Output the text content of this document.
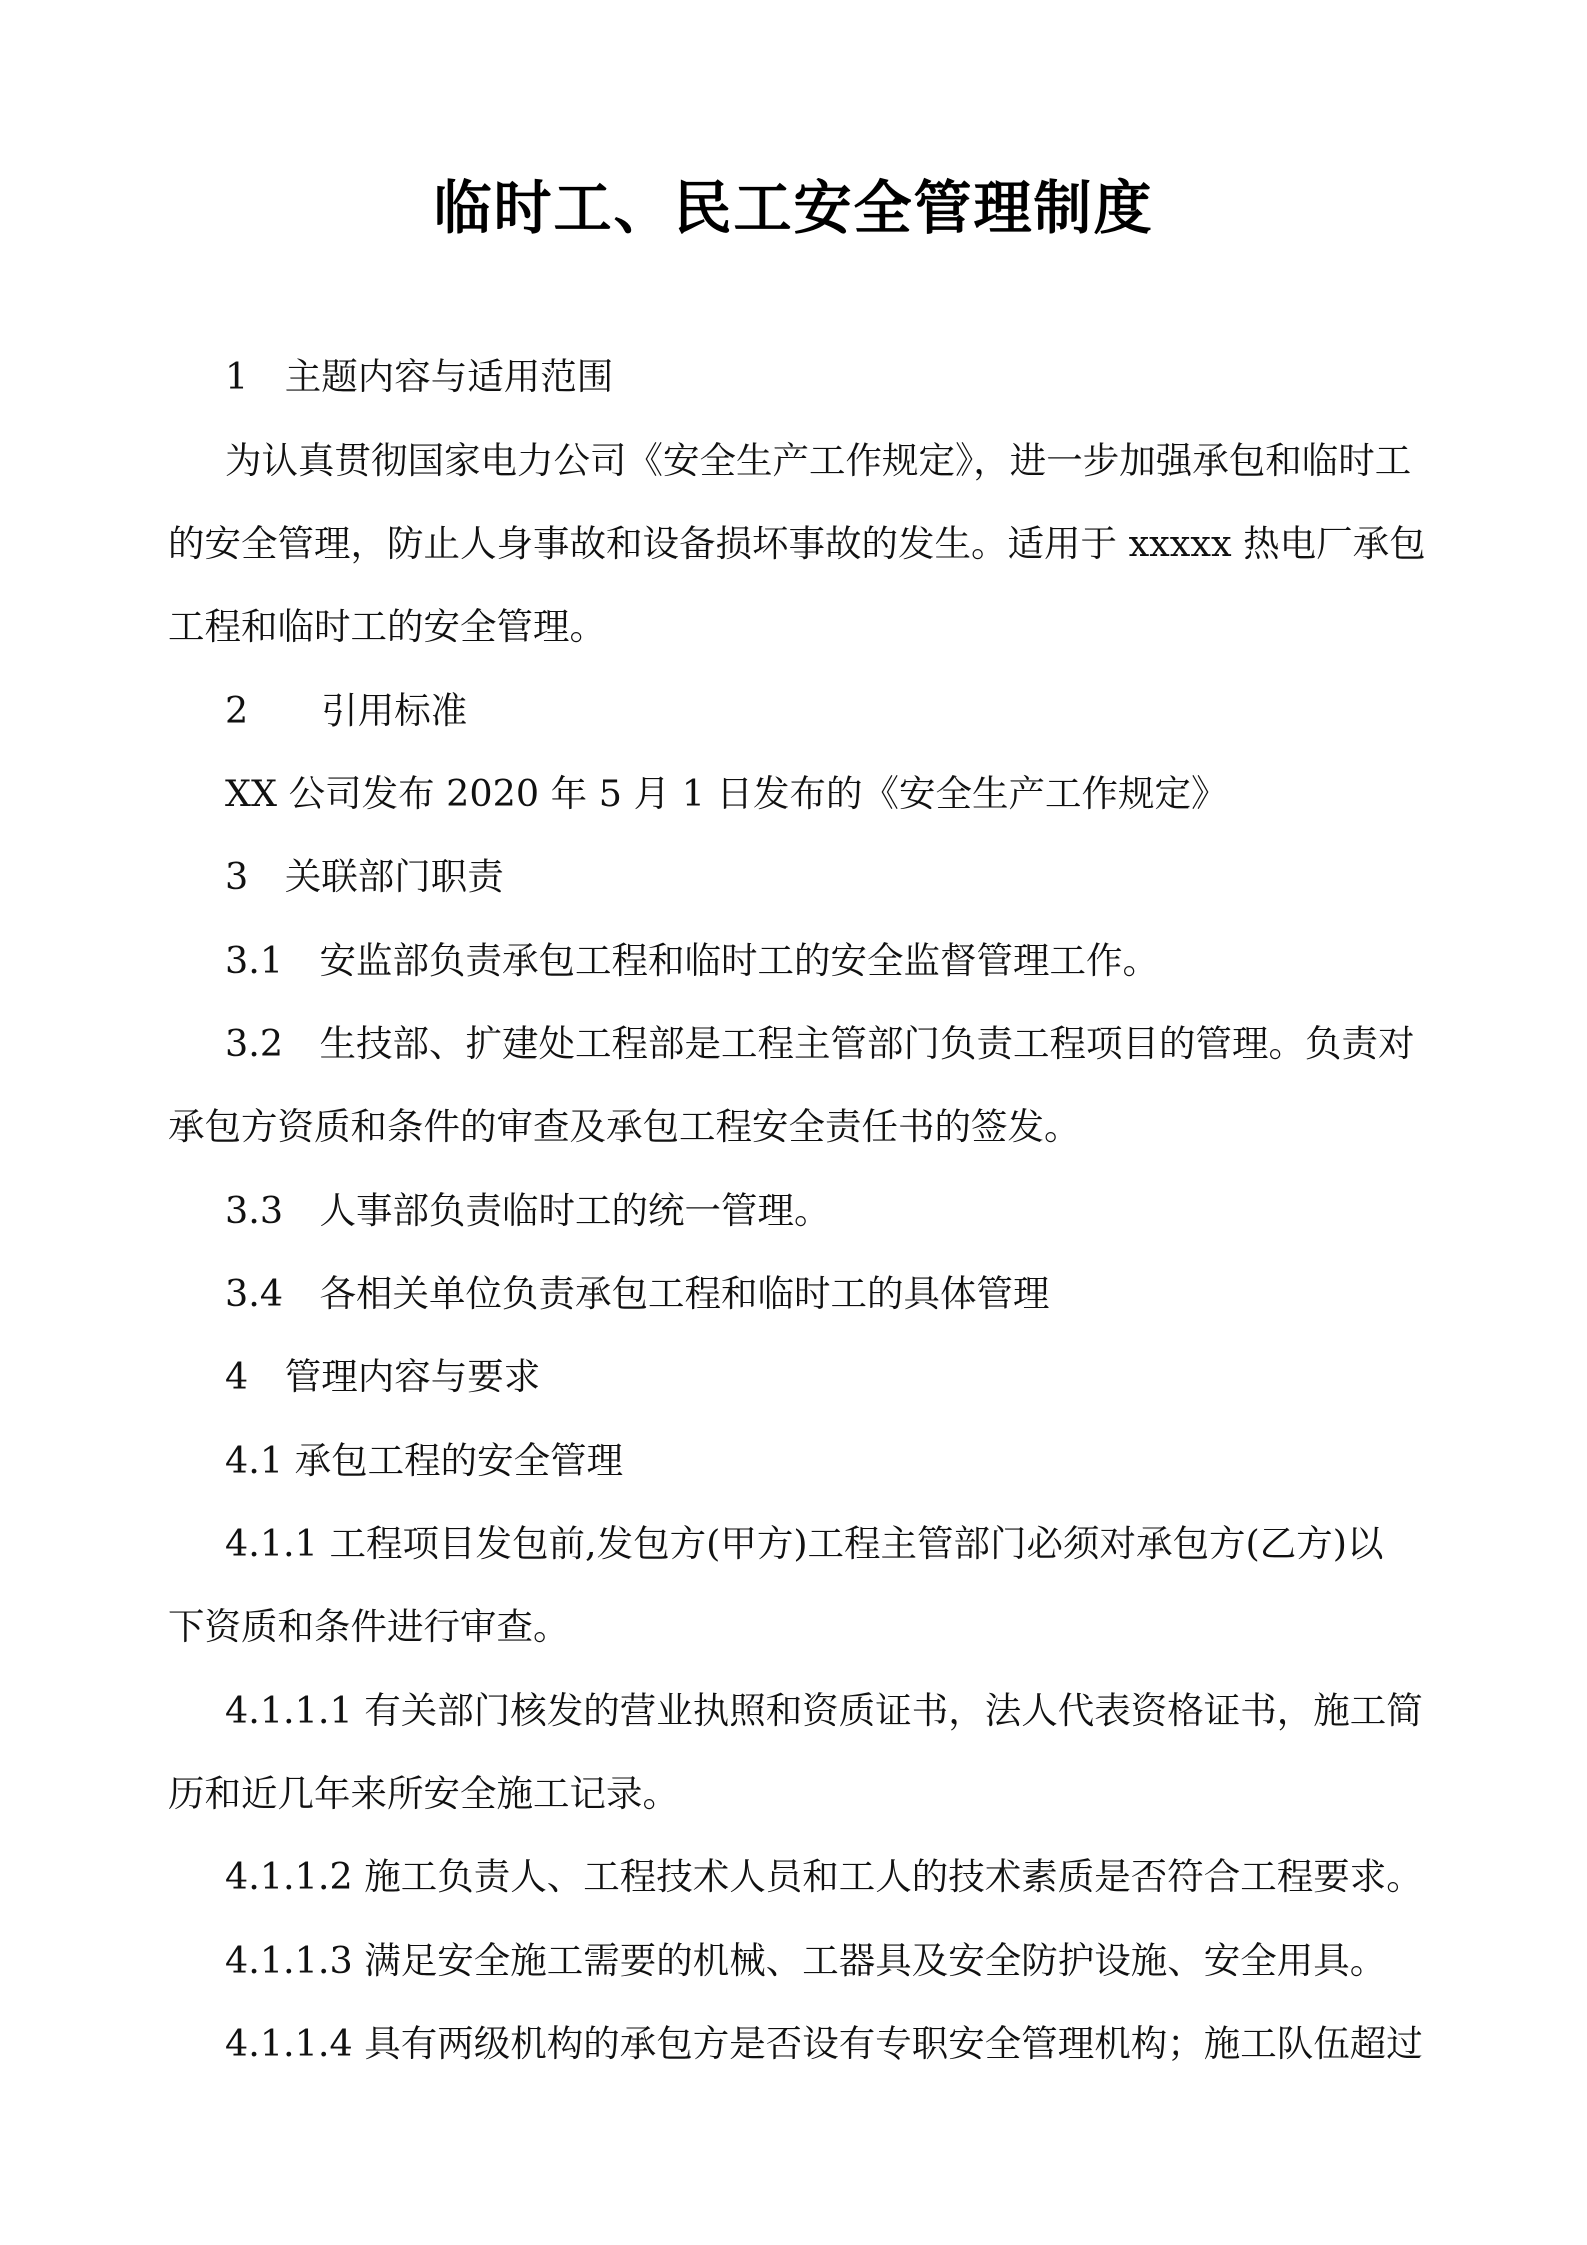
临时工、民工安全管理制度
1　主题内容与适用范围
为认真贯彻国家电力公司《安全生产工作规定》，进一步加强承包和临时工
的安全管理，防止人身事故和设备损坏事故的发生。适用于 xxxxx 热电厂承包
工程和临时工的安全管理。
2　　引用标准
XX 公司发布 2020 年 5 月 1 日发布的《安全生产工作规定》
3　关联部门职责
3.1　安监部负责承包工程和临时工的安全监督管理工作。
3.2　生技部、扩建处工程部是工程主管部门负责工程项目的管理。负责对
承包方资质和条件的审查及承包工程安全责任书的签发。
3.3　人事部负责临时工的统一管理。
3.4　各相关单位负责承包工程和临时工的具体管理
4　管理内容与要求
4.1 承包工程的安全管理
4.1.1 工程项目发包前,发包方(甲方)工程主管部门必须对承包方(乙方)以
下资质和条件进行审查。
4.1.1.1 有关部门核发的营业执照和资质证书，法人代表资格证书，施工简
历和近几年来所安全施工记录。
4.1.1.2 施工负责人、工程技术人员和工人的技术素质是否符合工程要求。
4.1.1.3 满足安全施工需要的机械、工器具及安全防护设施、安全用具。
4.1.1.4 具有两级机构的承包方是否设有专职安全管理机构；施工队伍超过
